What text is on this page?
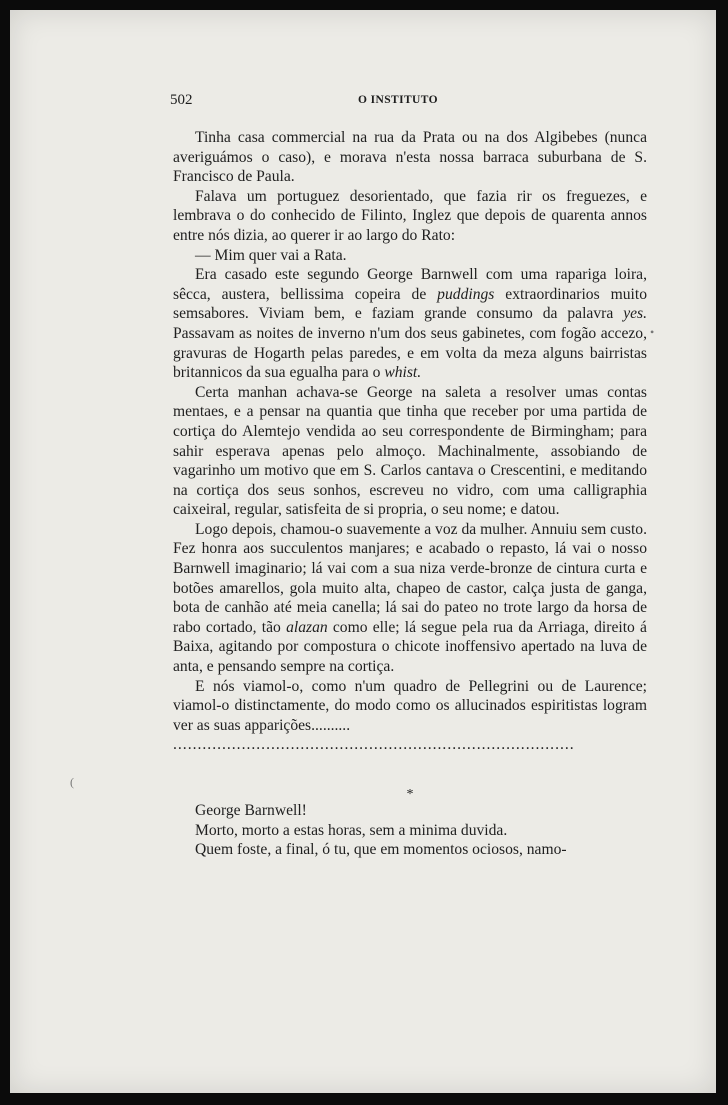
502	O INSTITUTO

Tinha casa commercial na rua da Prata ou na dos Algibebes (nunca averiguámos o caso), e morava n'esta nossa barraca suburbana de S. Francisco de Paula.

Falava um portuguez desorientado, que fazia rir os freguezes, e lembrava o do conhecido de Filinto, Inglez que depois de quarenta annos entre nós dizia, ao querer ir ao largo do Rato:

— Mim quer vai a Rata.

Era casado este segundo George Barnwell com uma rapariga loira, sêcca, austera, bellissima copeira de puddings extraordinarios muito semsabores. Viviam bem, e faziam grande consumo da palavra yes. Passavam as noites de inverno n'um dos seus gabinetes, com fogão accezo, gravuras de Hogarth pelas paredes, e em volta da meza alguns bairristas britannicos da sua egualha para o whist.

Certa manhan achava-se George na saleta a resolver umas contas mentaes, e a pensar na quantia que tinha que receber por uma partida de cortiça do Alemtejo vendida ao seu correspondente de Birmingham; para sahir esperava apenas pelo almoço. Machinalmente, assobiando de vagarinho um motivo que em S. Carlos cantava o Crescentini, e meditando na cortiça dos seus sonhos, escreveu no vidro, com uma calligraphia caixeiral, regular, satisfeita de si propria, o seu nome; e datou.

Logo depois, chamou-o suavemente a voz da mulher. Annuiu sem custo. Fez honra aos succulentos manjares; e acabado o repasto, lá vai o nosso Barnwell imaginario; lá vai com a sua niza verde-bronze de cintura curta e botões amarellos, gola muito alta, chapeo de castor, calça justa de ganga, bota de canhão até meia canella; lá sai do pateo no trote largo da horsa de rabo cortado, tão alazan como elle; lá segue pela rua da Arriaga, direito á Baixa, agitando por compostura o chicote inoffensivo apertado na luva de anta, e pensando sempre na cortiça.

E nós viamol-o, como n'um quadro de Pellegrini ou de Laurence; viamol-o distinctamente, do modo como os allucinados espiritistas logram ver as suas apparições..........

..................................................................................

*

George Barnwell!

Morto, morto a estas horas, sem a minima duvida.

Quem foste, a final, ó tu, que em momentos ociosos, namo-

•
(
